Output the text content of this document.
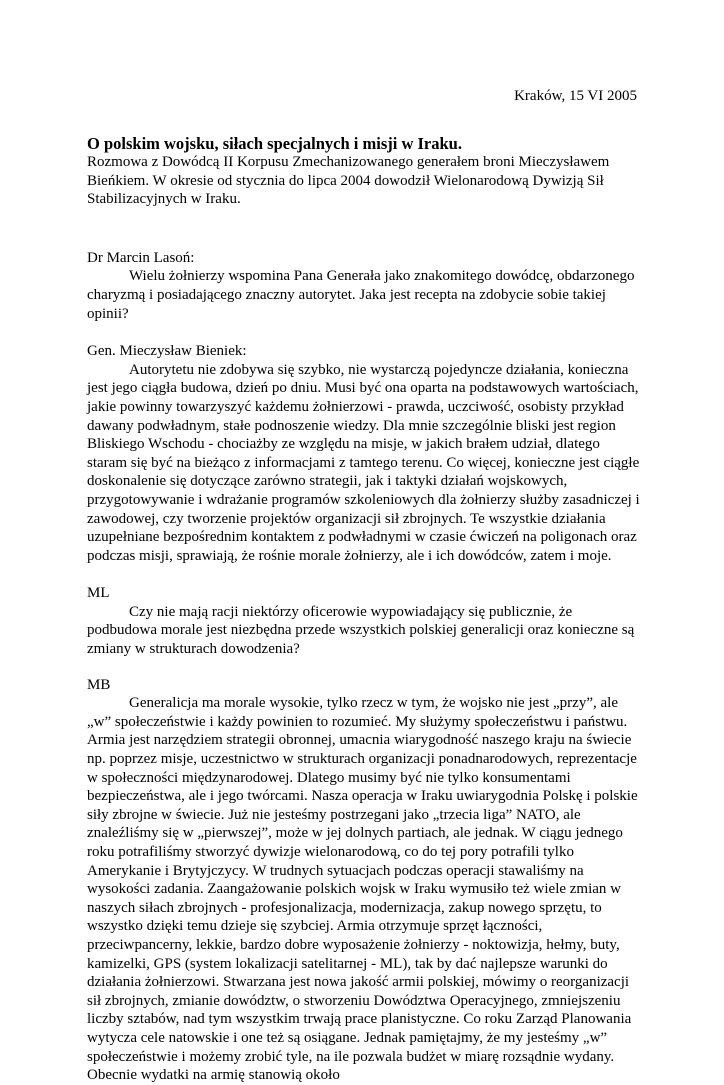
Kraków, 15 VI 2005
O polskim wojsku, siłach specjalnych i misji w Iraku.

Rozmowa z Dowódcą II Korpusu Zmechanizowanego generałem broni Mieczysławem Bieńkiem. W okresie od stycznia do lipca 2004 dowodził Wielonarodową Dywizją Sił Stabilizacyjnych w Iraku.

Dr Marcin Lasoń:

Wielu żołnierzy wspomina Pana Generała jako znakomitego dowódcę, obdarzonego charyzmą i posiadającego znaczny autorytet. Jaka jest recepta na zdobycie sobie takiej opinii?

Gen. Mieczysław Bieniek:

Autorytetu nie zdobywa się szybko, nie wystarczą pojedyncze działania, konieczna jest jego ciągła budowa, dzień po dniu. Musi być ona oparta na podstawowych wartościach, jakie powinny towarzyszyć każdemu żołnierzowi - prawda, uczciwość, osobisty przykład dawany podwładnym, stałe podnoszenie wiedzy. Dla mnie szczególnie bliski jest region Bliskiego Wschodu - chociażby ze względu na misje, w jakich brałem udział, dlatego staram się być na bieżąco z informacjami z tamtego terenu. Co więcej, konieczne jest ciągłe doskonalenie się dotyczące zarówno strategii, jak i taktyki działań wojskowych, przygotowywanie i wdrażanie programów szkoleniowych dla żołnierzy służby zasadniczej i zawodowej, czy tworzenie projektów organizacji sił zbrojnych. Te wszystkie działania uzupełniane bezpośrednim kontaktem z podwładnymi w czasie ćwiczeń na poligonach oraz podczas misji, sprawiają, że rośnie morale żołnierzy, ale i ich dowódców, zatem i moje.

ML

Czy nie mają racji niektórzy oficerowie wypowiadający się publicznie, że podbudowa morale jest niezbędna przede wszystkich polskiej generalicji oraz konieczne są zmiany w strukturach dowodzenia?

MB

Generalicja ma morale wysokie, tylko rzecz w tym, że wojsko nie jest „przy”, ale „w” społeczeństwie i każdy powinien to rozumieć. My służymy społeczeństwu i państwu. Armia jest narzędziem strategii obronnej, umacnia wiarygodność naszego kraju na świecie np. poprzez misje, uczestnictwo w strukturach organizacji ponadnarodowych, reprezentacje w społeczności międzynarodowej. Dlatego musimy być nie tylko konsumentami bezpieczeństwa, ale i jego twórcami. Nasza operacja w Iraku uwiarygodnia Polskę i polskie siły zbrojne w świecie. Już nie jesteśmy postrzegani jako „trzecia liga” NATO, ale znaleźliśmy się w „pierwszej”, może w jej dolnych partiach, ale jednak. W ciągu jednego roku potrafiliśmy stworzyć dywizje wielonarodową, co do tej pory potrafili tylko Amerykanie i Brytyjczycy. W trudnych sytuacjach podczas operacji stawaliśmy na wysokości zadania. Zaangażowanie polskich wojsk w Iraku wymusiło też wiele zmian w naszych siłach zbrojnych - profesjonalizacja, modernizacja, zakup nowego sprzętu, to wszystko dzięki temu dzieje się szybciej. Armia otrzymuje sprzęt łączności, przeciwpancerny, lekkie, bardzo dobre wyposażenie żołnierzy - noktowizja, hełmy, buty, kamizelki, GPS (system lokalizacji satelitarnej - ML), tak by dać najlepsze warunki do działania żołnierzowi. Stwarzana jest nowa jakość armii polskiej, mówimy o reorganizacji sił zbrojnych, zmianie dowództw, o stworzeniu Dowództwa Operacyjnego, zmniejszeniu liczby sztabów, nad tym wszystkim trwają prace planistyczne. Co roku Zarząd Planowania wytycza cele natowskie i one też są osiągane. Jednak pamiętajmy, że my jesteśmy „w” społeczeństwie i możemy zrobić tyle, na ile pozwala budżet w miarę rozsądnie wydany. Obecnie wydatki na armię stanowią około
